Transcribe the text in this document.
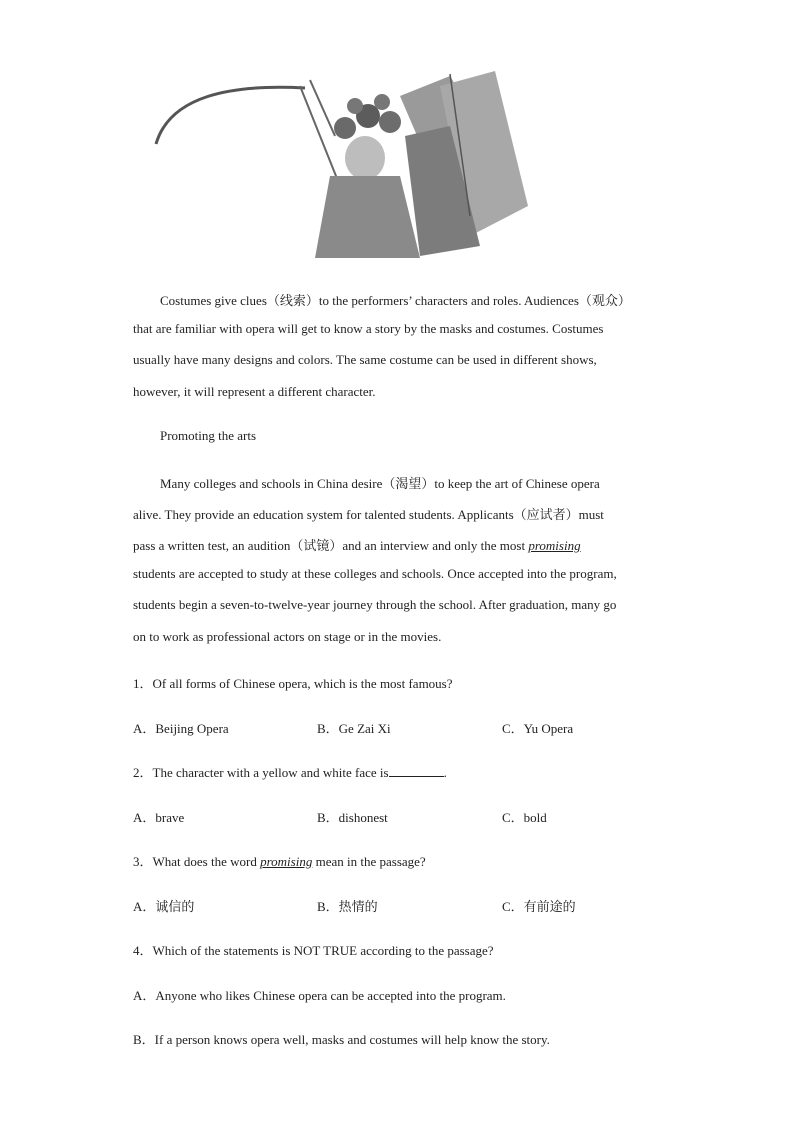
Costumes give clues（线索）to the performers’ characters and roles. Audiences（观众）
that are familiar with opera will get to know a story by the masks and costumes. Costumes
usually have many designs and colors. The same costume can be used in different shows,
however, it will represent a different character.
Promoting the arts
Many colleges and schools in China desire（渴望）to keep the art of Chinese opera
alive. They provide an education system for talented students. Applicants（应试者）must
pass a written test, an audition（试镜）and an interview and only the most promising
students are accepted to study at these colleges and schools. Once accepted into the program,
students begin a seven-to-twelve-year journey through the school. After graduation, many go
on to work as professional actors on stage or in the movies.
1．Of all forms of Chinese opera, which is the most famous?
A．Beijing Opera	B．Ge Zai Xi	C．Yu Opera
2．The character with a yellow and white face is	.
A．brave	B．dishonest	C．bold
3．What does the word promising mean in the passage?
A．诚信的	B．热情的	C．有前途的
4．Which of the statements is NOT TRUE according to the passage?
A．Anyone who likes Chinese opera can be accepted into the program.
B．If a person knows opera well, masks and costumes will help know the story.
